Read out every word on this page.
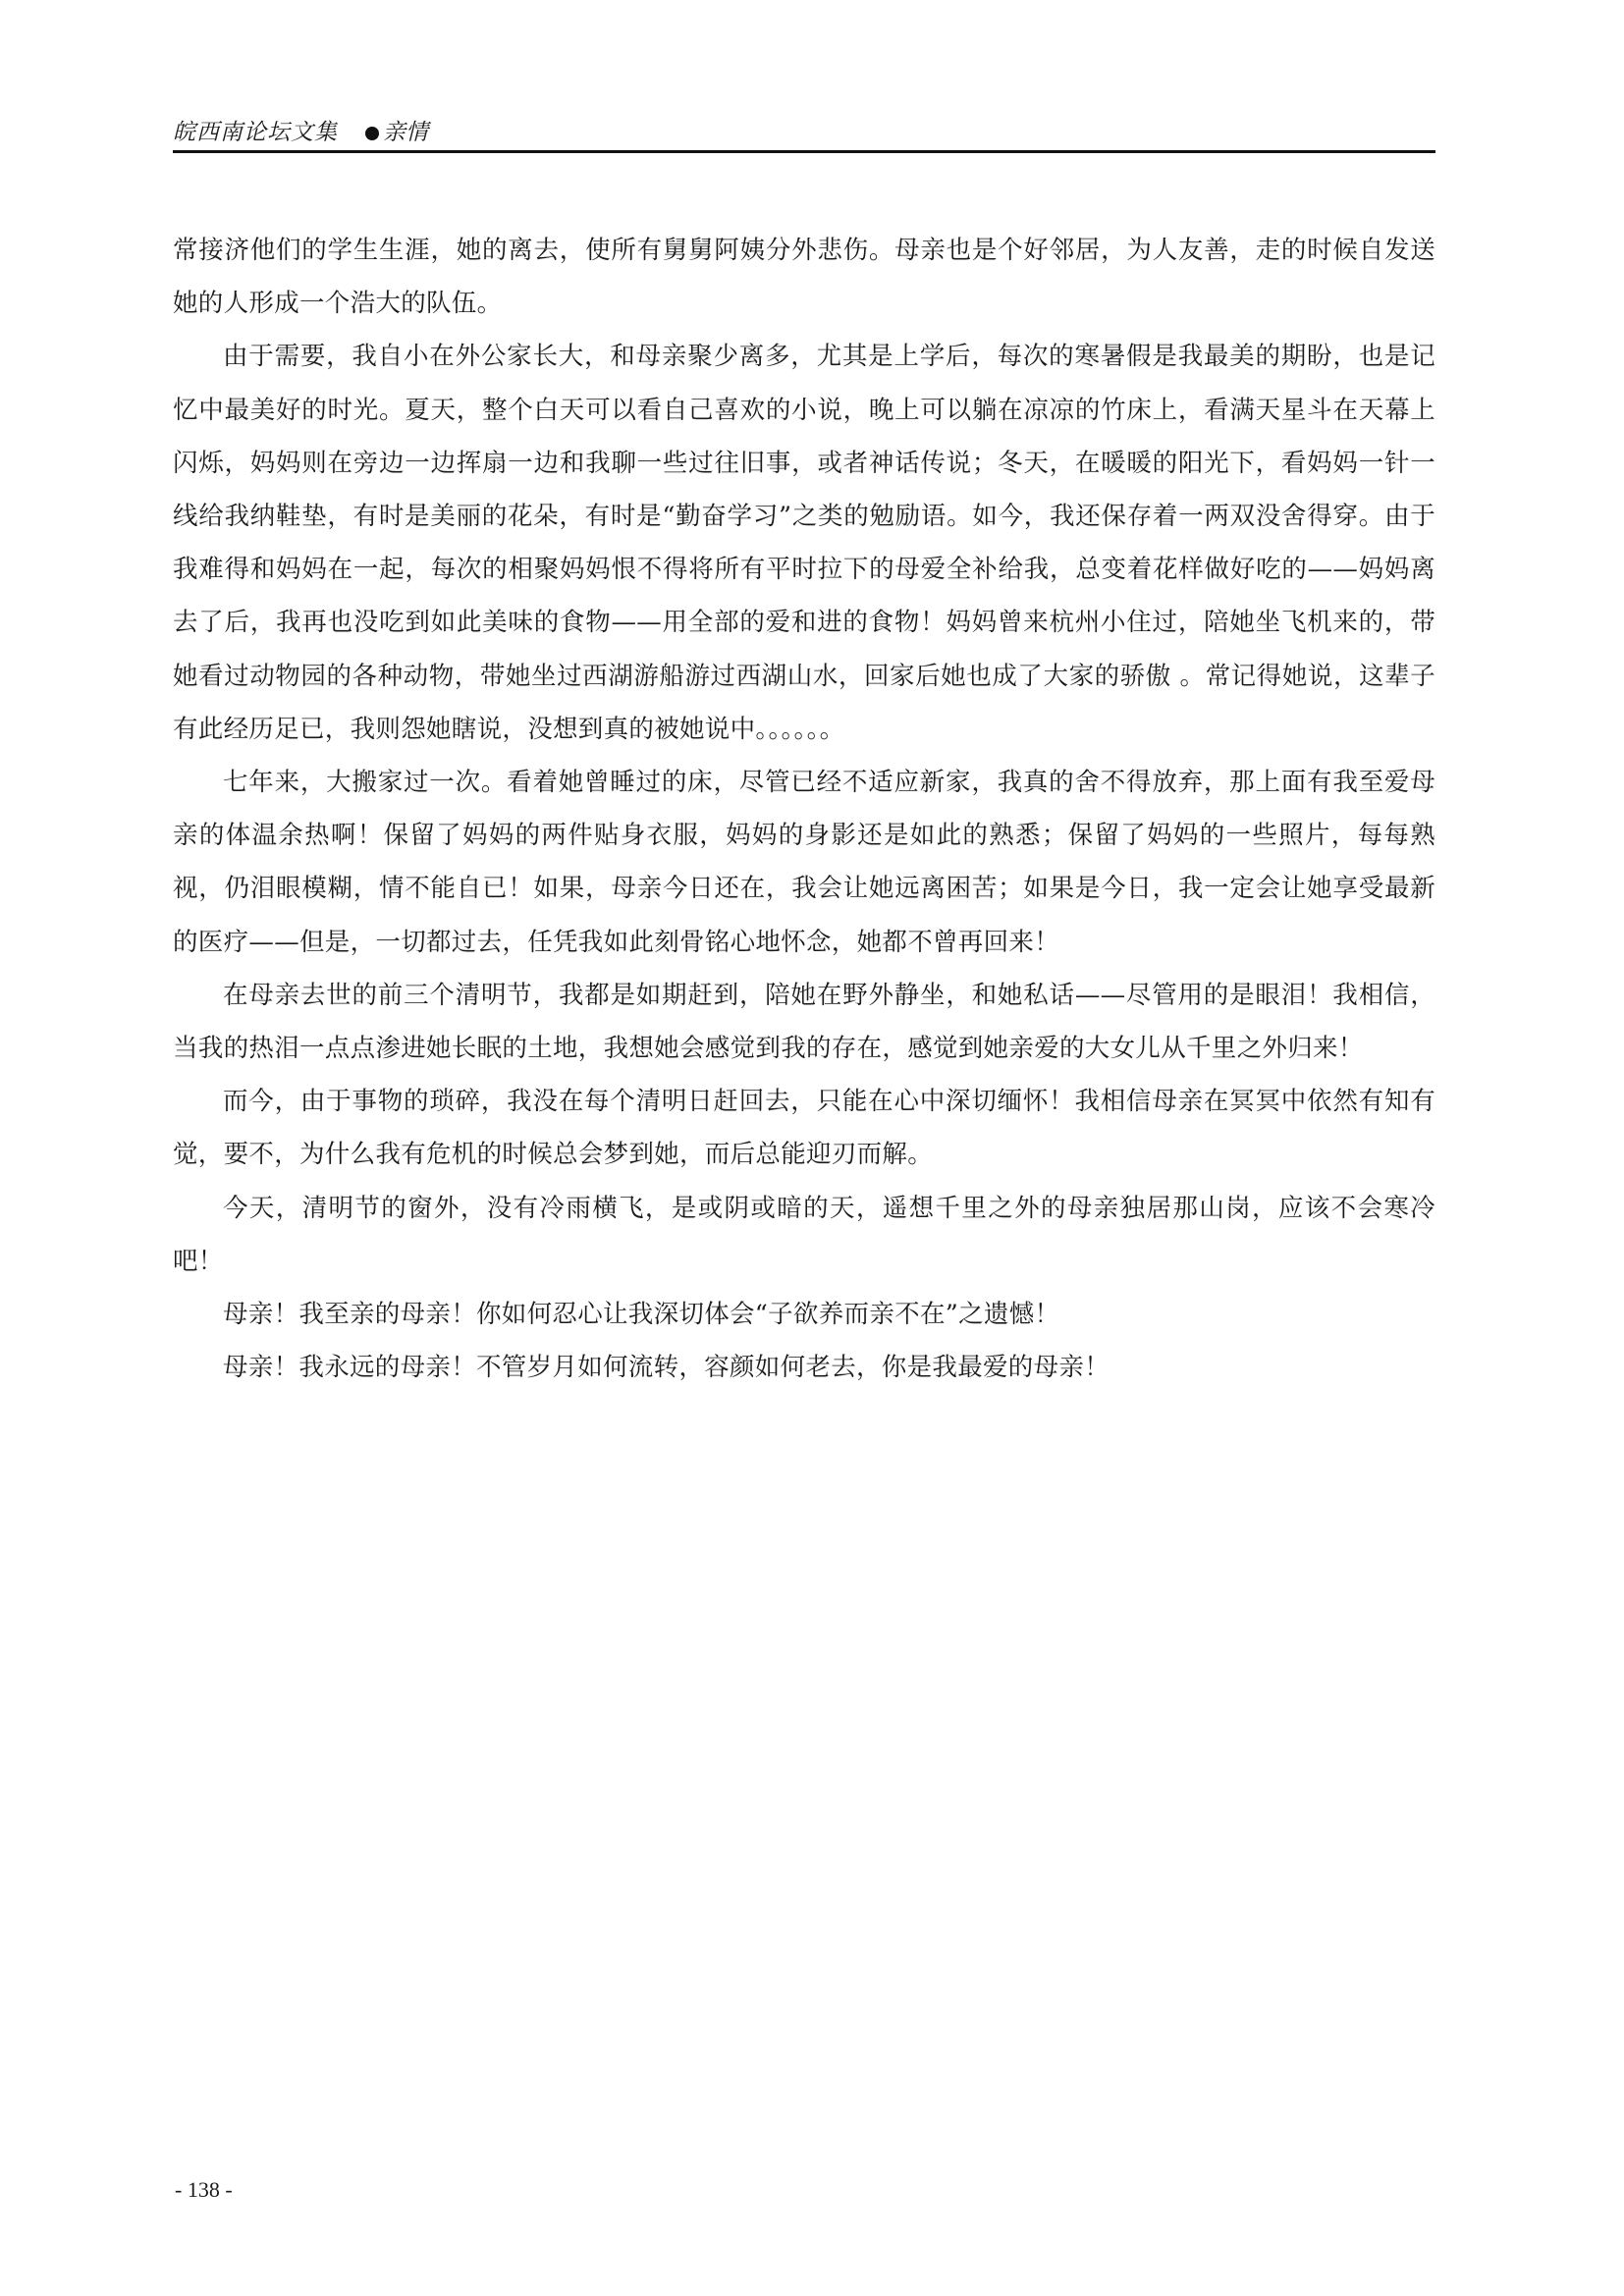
皖西南论坛文集 亲情

常接济他们的学生生涯，她的离去，使所有舅舅阿姨分外悲伤。母亲也是个好邻居，为人友善，走的时候自发送她的人形成一个浩大的队伍。

由于需要，我自小在外公家长大，和母亲聚少离多，尤其是上学后，每次的寒暑假是我最美的期盼，也是记忆中最美好的时光。夏天，整个白天可以看自己喜欢的小说，晚上可以躺在凉凉的竹床上，看满天星斗在天幕上闪烁，妈妈则在旁边一边挥扇一边和我聊一些过往旧事，或者神话传说；冬天，在暖暖的阳光下，看妈妈一针一线给我纳鞋垫，有时是美丽的花朵，有时是“勤奋学习”之类的勉励语。如今，我还保存着一两双没舍得穿。由于我难得和妈妈在一起，每次的相聚妈妈恨不得将所有平时拉下的母爱全补给我，总变着花样做好吃的——妈妈离去了后，我再也没吃到如此美味的食物——用全部的爱和进的食物！妈妈曾来杭州小住过，陪她坐飞机来的，带她看过动物园的各种动物，带她坐过西湖游船游过西湖山水，回家后她也成了大家的骄傲 。常记得她说，这辈子有此经历足已，我则怨她瞎说，没想到真的被她说中。。。。。。

七年来，大搬家过一次。看着她曾睡过的床，尽管已经不适应新家，我真的舍不得放弃，那上面有我至爱母亲的体温余热啊！保留了妈妈的两件贴身衣服，妈妈的身影还是如此的熟悉；保留了妈妈的一些照片，每每熟视，仍泪眼模糊，情不能自已！如果，母亲今日还在，我会让她远离困苦；如果是今日，我一定会让她享受最新的医疗——但是，一切都过去，任凭我如此刻骨铭心地怀念，她都不曾再回来！

在母亲去世的前三个清明节，我都是如期赶到，陪她在野外静坐，和她私话——尽管用的是眼泪！我相信，当我的热泪一点点渗进她长眠的土地，我想她会感觉到我的存在，感觉到她亲爱的大女儿从千里之外归来！

而今，由于事物的琐碎，我没在每个清明日赶回去，只能在心中深切缅怀！我相信母亲在冥冥中依然有知有觉，要不，为什么我有危机的时候总会梦到她，而后总能迎刃而解。

今天，清明节的窗外，没有冷雨横飞，是或阴或暗的天，遥想千里之外的母亲独居那山岗，应该不会寒冷吧！

母亲！我至亲的母亲！你如何忍心让我深切体会“子欲养而亲不在”之遗憾！

母亲！我永远的母亲！不管岁月如何流转，容颜如何老去，你是我最爱的母亲！

- 138 -
